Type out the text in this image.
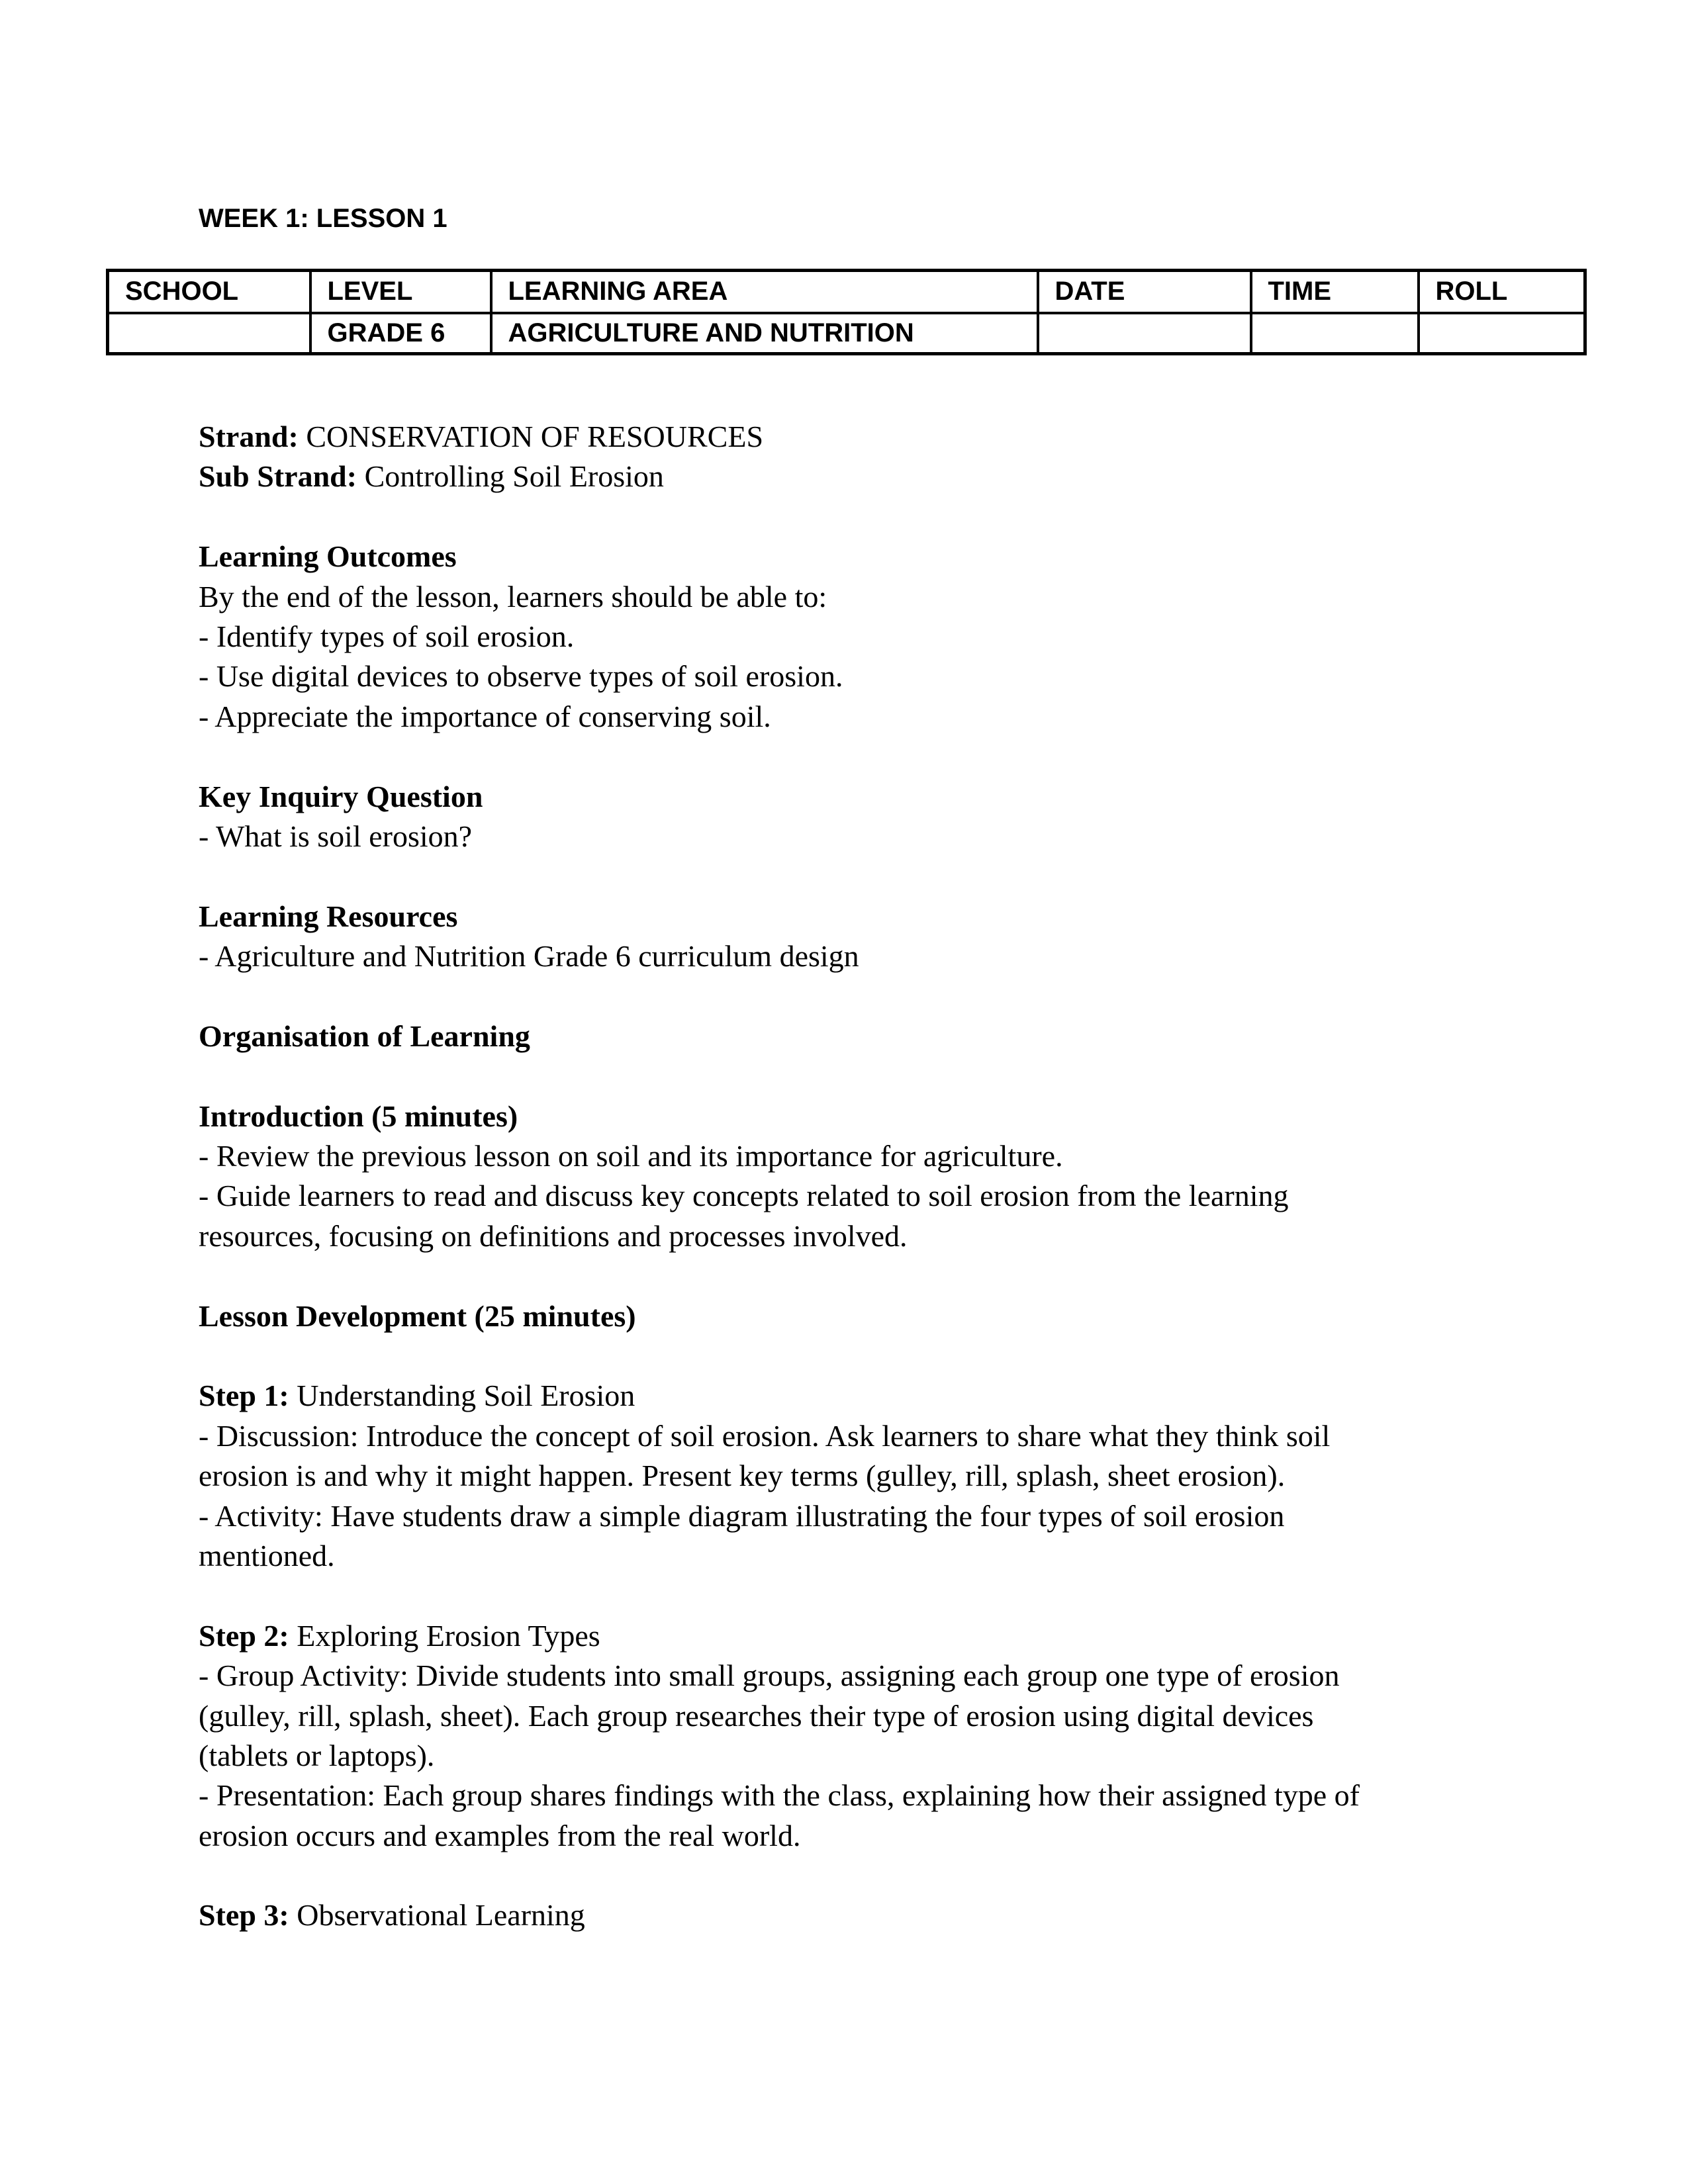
WEEK 1: LESSON 1
SCHOOL	LEVEL	LEARNING AREA	DATE	TIME	ROLL
	GRADE 6	AGRICULTURE AND NUTRITION			
Strand: CONSERVATION OF RESOURCES
Sub Strand: Controlling Soil Erosion
Learning Outcomes
By the end of the lesson, learners should be able to:
- Identify types of soil erosion.
- Use digital devices to observe types of soil erosion.
- Appreciate the importance of conserving soil.
Key Inquiry Question
- What is soil erosion?
Learning Resources
- Agriculture and Nutrition Grade 6 curriculum design
Organisation of Learning
Introduction (5 minutes)
- Review the previous lesson on soil and its importance for agriculture.
- Guide learners to read and discuss key concepts related to soil erosion from the learning
resources, focusing on definitions and processes involved.
Lesson Development (25 minutes)
Step 1: Understanding Soil Erosion
- Discussion: Introduce the concept of soil erosion. Ask learners to share what they think soil
erosion is and why it might happen. Present key terms (gulley, rill, splash, sheet erosion).
- Activity: Have students draw a simple diagram illustrating the four types of soil erosion
mentioned.
Step 2: Exploring Erosion Types
- Group Activity: Divide students into small groups, assigning each group one type of erosion
(gulley, rill, splash, sheet). Each group researches their type of erosion using digital devices
(tablets or laptops).
- Presentation: Each group shares findings with the class, explaining how their assigned type of
erosion occurs and examples from the real world.
Step 3: Observational Learning
